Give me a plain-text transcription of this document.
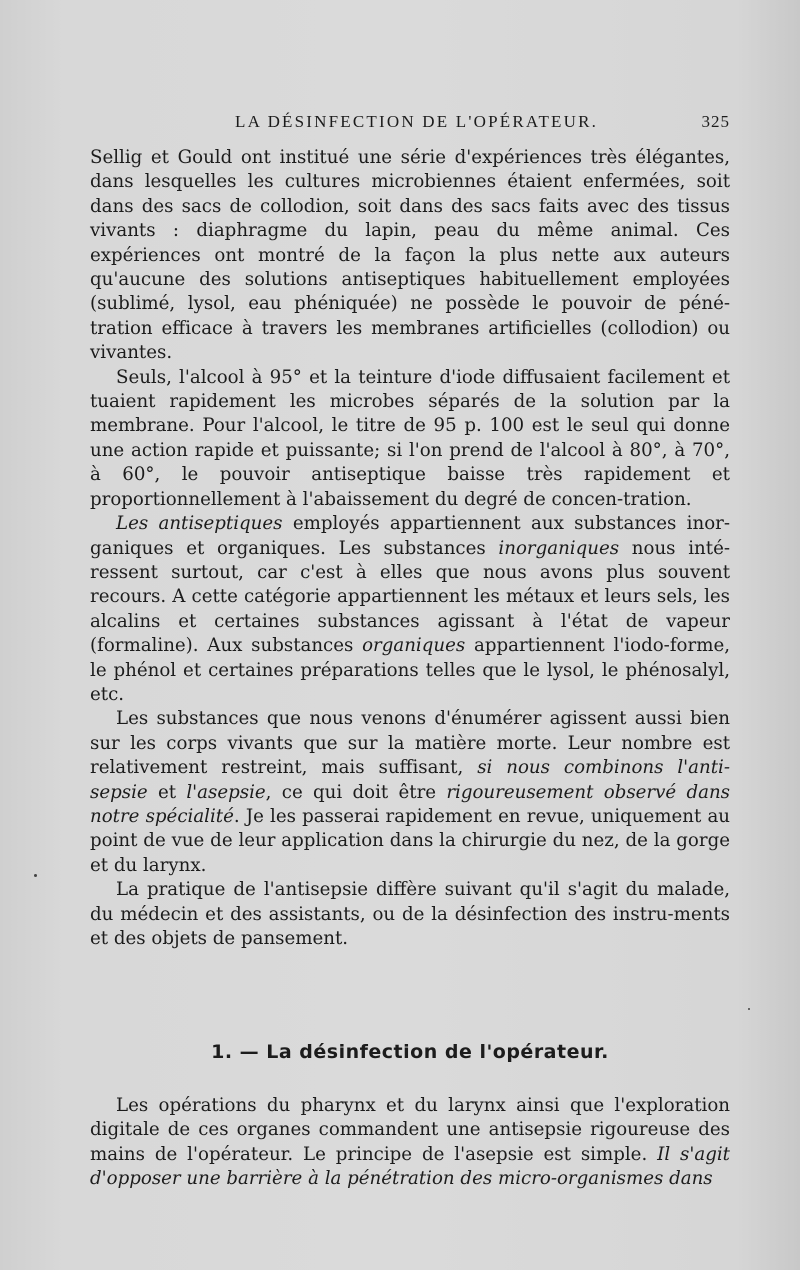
LA DÉSINFECTION DE L'OPÉRATEUR.	325

Sellig et Gould ont institué une série d'expériences très élégantes, dans lesquelles les cultures microbiennes étaient enfermées, soit dans des sacs de collodion, soit dans des sacs faits avec des tissus vivants : diaphragme du lapin, peau du même animal. Ces expériences ont montré de la façon la plus nette aux auteurs qu'aucune des solutions antiseptiques habituellement employées (sublimé, lysol, eau phéniquée) ne possède le pouvoir de péné-tration efficace à travers les membranes artificielles (collodion) ou vivantes.

Seuls, l'alcool à 95° et la teinture d'iode diffusaient facilement et tuaient rapidement les microbes séparés de la solution par la membrane. Pour l'alcool, le titre de 95 p. 100 est le seul qui donne une action rapide et puissante; si l'on prend de l'alcool à 80°, à 70°, à 60°, le pouvoir antiseptique baisse très rapidement et proportionnellement à l'abaissement du degré de concen-tration.

Les antiseptiques employés appartiennent aux substances inor-ganiques et organiques. Les substances inorganiques nous inté-ressent surtout, car c'est à elles que nous avons plus souvent recours. A cette catégorie appartiennent les métaux et leurs sels, les alcalins et certaines substances agissant à l'état de vapeur (formaline). Aux substances organiques appartiennent l'iodo-forme, le phénol et certaines préparations telles que le lysol, le phénosalyl, etc.

Les substances que nous venons d'énumérer agissent aussi bien sur les corps vivants que sur la matière morte. Leur nombre est relativement restreint, mais suffisant, si nous combinons l'anti-sepsie et l'asepsie, ce qui doit être rigoureusement observé dans notre spécialité. Je les passerai rapidement en revue, uniquement au point de vue de leur application dans la chirurgie du nez, de la gorge et du larynx.

La pratique de l'antisepsie diffère suivant qu'il s'agit du malade, du médecin et des assistants, ou de la désinfection des instru-ments et des objets de pansement.

1. — La désinfection de l'opérateur.

Les opérations du pharynx et du larynx ainsi que l'exploration digitale de ces organes commandent une antisepsie rigoureuse des mains de l'opérateur. Le principe de l'asepsie est simple. Il s'agit d'opposer une barrière à la pénétration des micro-organismes dans
